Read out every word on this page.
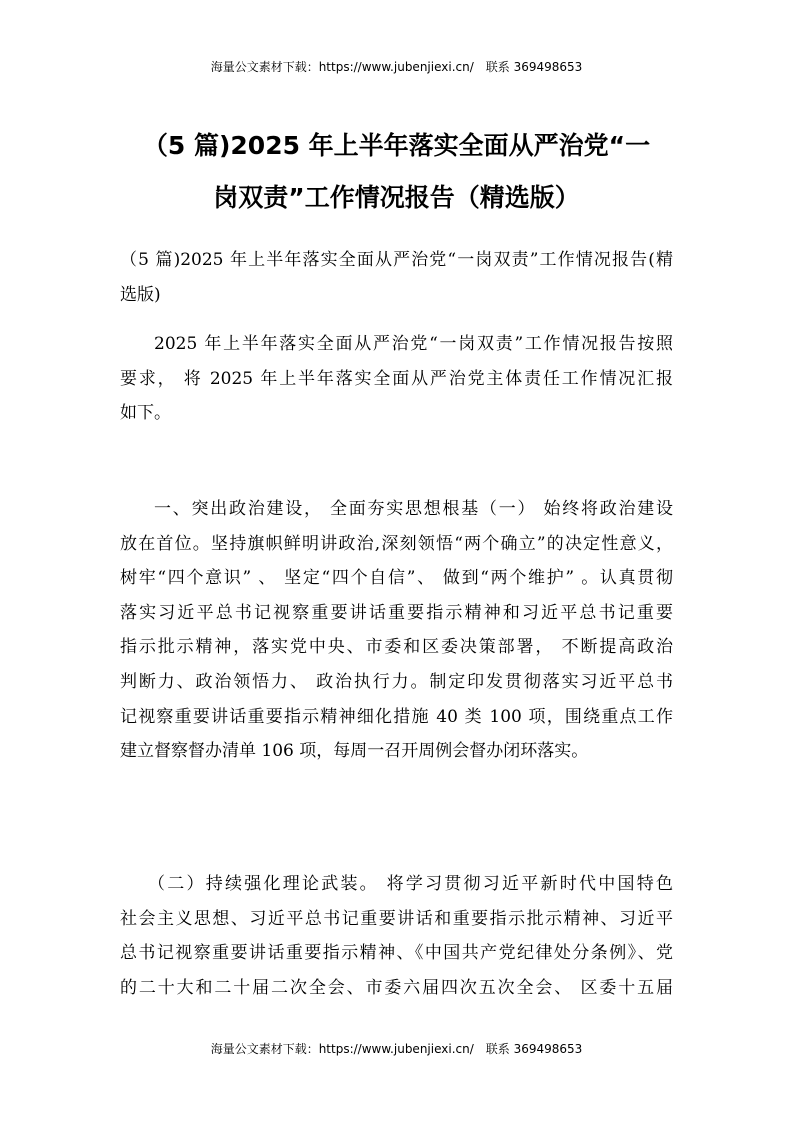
海量公文素材下载：https://www.jubenjiexi.cn/ 联系 369498653
（5 篇)2025 年上半年落实全面从严治党“一
岗双责”工作情况报告（精选版）
（5 篇)2025 年上半年落实全面从严治党“一岗双责”工作情况报告(精
选版)
2025 年上半年落实全面从严治党“一岗双责”工作情况报告按照
要求， 将 2025 年上半年落实全面从严治党主体责任工作情况汇报
如下。
一、突出政治建设， 全面夯实思想根基（一） 始终将政治建设
放在首位。坚持旗帜鲜明讲政治,深刻领悟“两个确立”的决定性意义，
树牢“四个意识” 、 坚定“四个自信”、 做到“两个维护” 。认真贯彻
落实习近平总书记视察重要讲话重要指示精神和习近平总书记重要
指示批示精神，落实党中央、市委和区委决策部署， 不断提高政治
判断力、政治领悟力、 政治执行力。制定印发贯彻落实习近平总书
记视察重要讲话重要指示精神细化措施 40 类 100 项，围绕重点工作
建立督察督办清单 106 项，每周一召开周例会督办闭环落实。
（二）持续强化理论武装。 将学习贯彻习近平新时代中国特色
社会主义思想、习近平总书记重要讲话和重要指示批示精神、习近平
总书记视察重要讲话重要指示精神、《中国共产党纪律处分条例》、党
的二十大和二十届二次全会、市委六届四次五次全会、 区委十五届
海量公文素材下载：https://www.jubenjiexi.cn/ 联系 369498653
